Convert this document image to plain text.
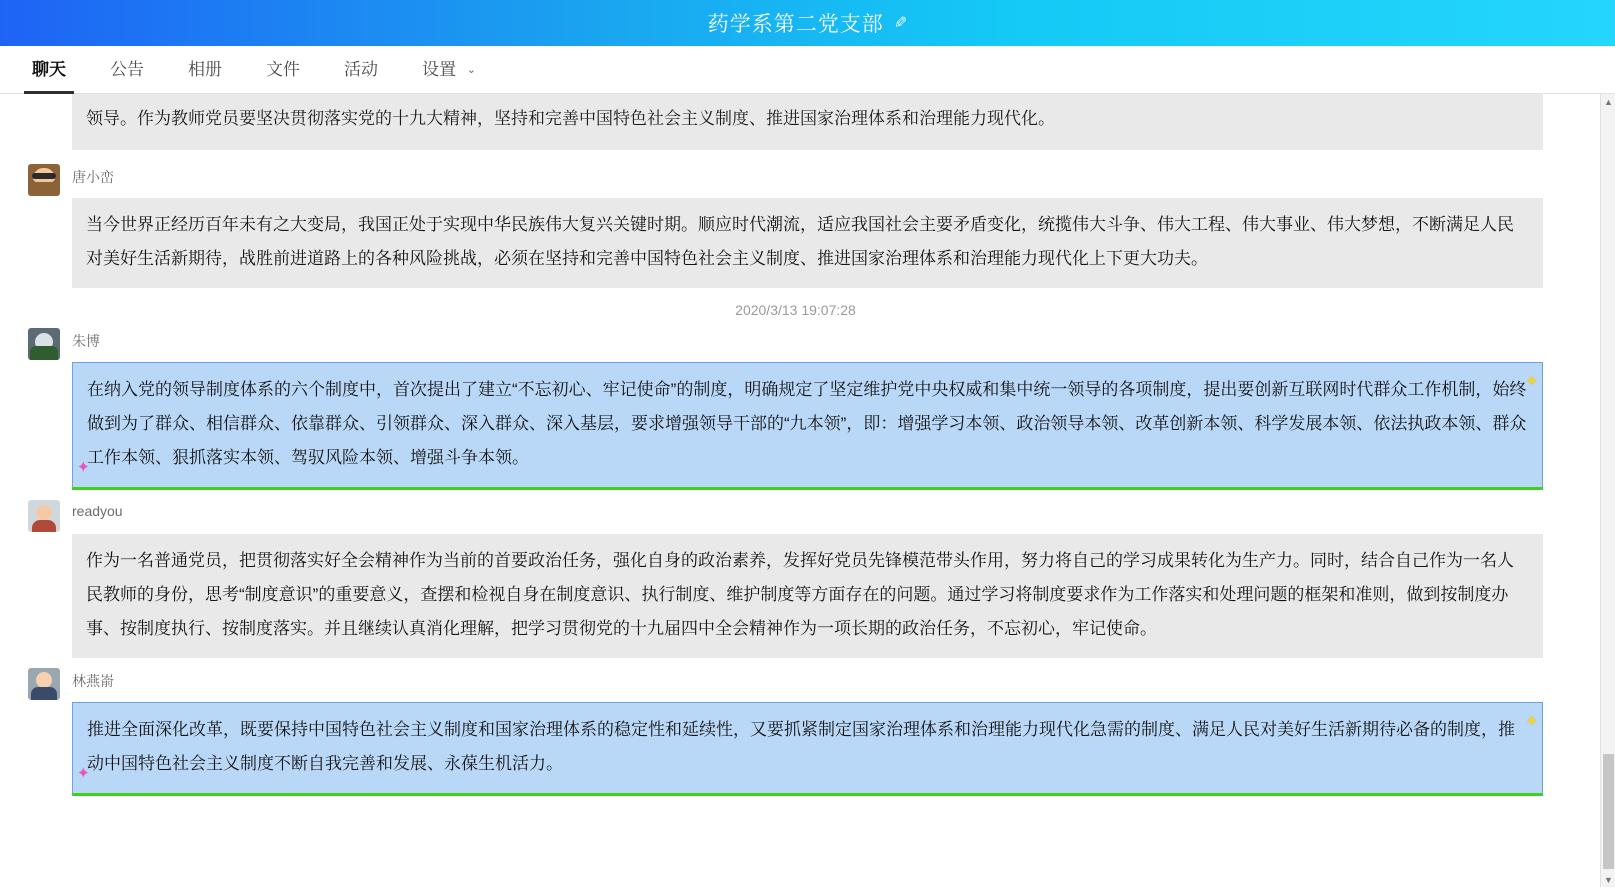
药学系第二党支部 ✎
聊天	公告	相册	文件	活动	设置 ⌄
领导。作为教师党员要坚决贯彻落实党的十九大精神，坚持和完善中国特色社会主义制度、推进国家治理体系和治理能力现代化。
唐小峦
当今世界正经历百年未有之大变局，我国正处于实现中华民族伟大复兴关键时期。顺应时代潮流，适应我国社会主要矛盾变化，统揽伟大斗争、伟大工程、伟大事业、伟大梦想，不断满足人民对美好生活新期待，战胜前进道路上的各种风险挑战，必须在坚持和完善中国特色社会主义制度、推进国家治理体系和治理能力现代化上下更大功夫。
2020/3/13 19:07:28
朱博
✦
✦
在纳入党的领导制度体系的六个制度中，首次提出了建立“不忘初心、牢记使命”的制度，明确规定了坚定维护党中央权威和集中统一领导的各项制度，提出要创新互联网时代群众工作机制，始终做到为了群众、相信群众、依靠群众、引领群众、深入群众、深入基层，要求增强领导干部的“九本领”，即：增强学习本领、政治领导本领、改革创新本领、科学发展本领、依法执政本领、群众工作本领、狠抓落实本领、驾驭风险本领、增强斗争本领。
readyou
作为一名普通党员，把贯彻落实好全会精神作为当前的首要政治任务，强化自身的政治素养，发挥好党员先锋模范带头作用，努力将自己的学习成果转化为生产力。同时，结合自己作为一名人民教师的身份，思考“制度意识”的重要意义，查摆和检视自身在制度意识、执行制度、维护制度等方面存在的问题。通过学习将制度要求作为工作落实和处理问题的框架和准则，做到按制度办事、按制度执行、按制度落实。并且继续认真消化理解，把学习贯彻党的十九届四中全会精神作为一项长期的政治任务，不忘初心，牢记使命。
林燕嵛
✦
✦
推进全面深化改革，既要保持中国特色社会主义制度和国家治理体系的稳定性和延续性，又要抓紧制定国家治理体系和治理能力现代化急需的制度、满足人民对美好生活新期待必备的制度，推动中国特色社会主义制度不断自我完善和发展、永葆生机活力。
▲
▼
